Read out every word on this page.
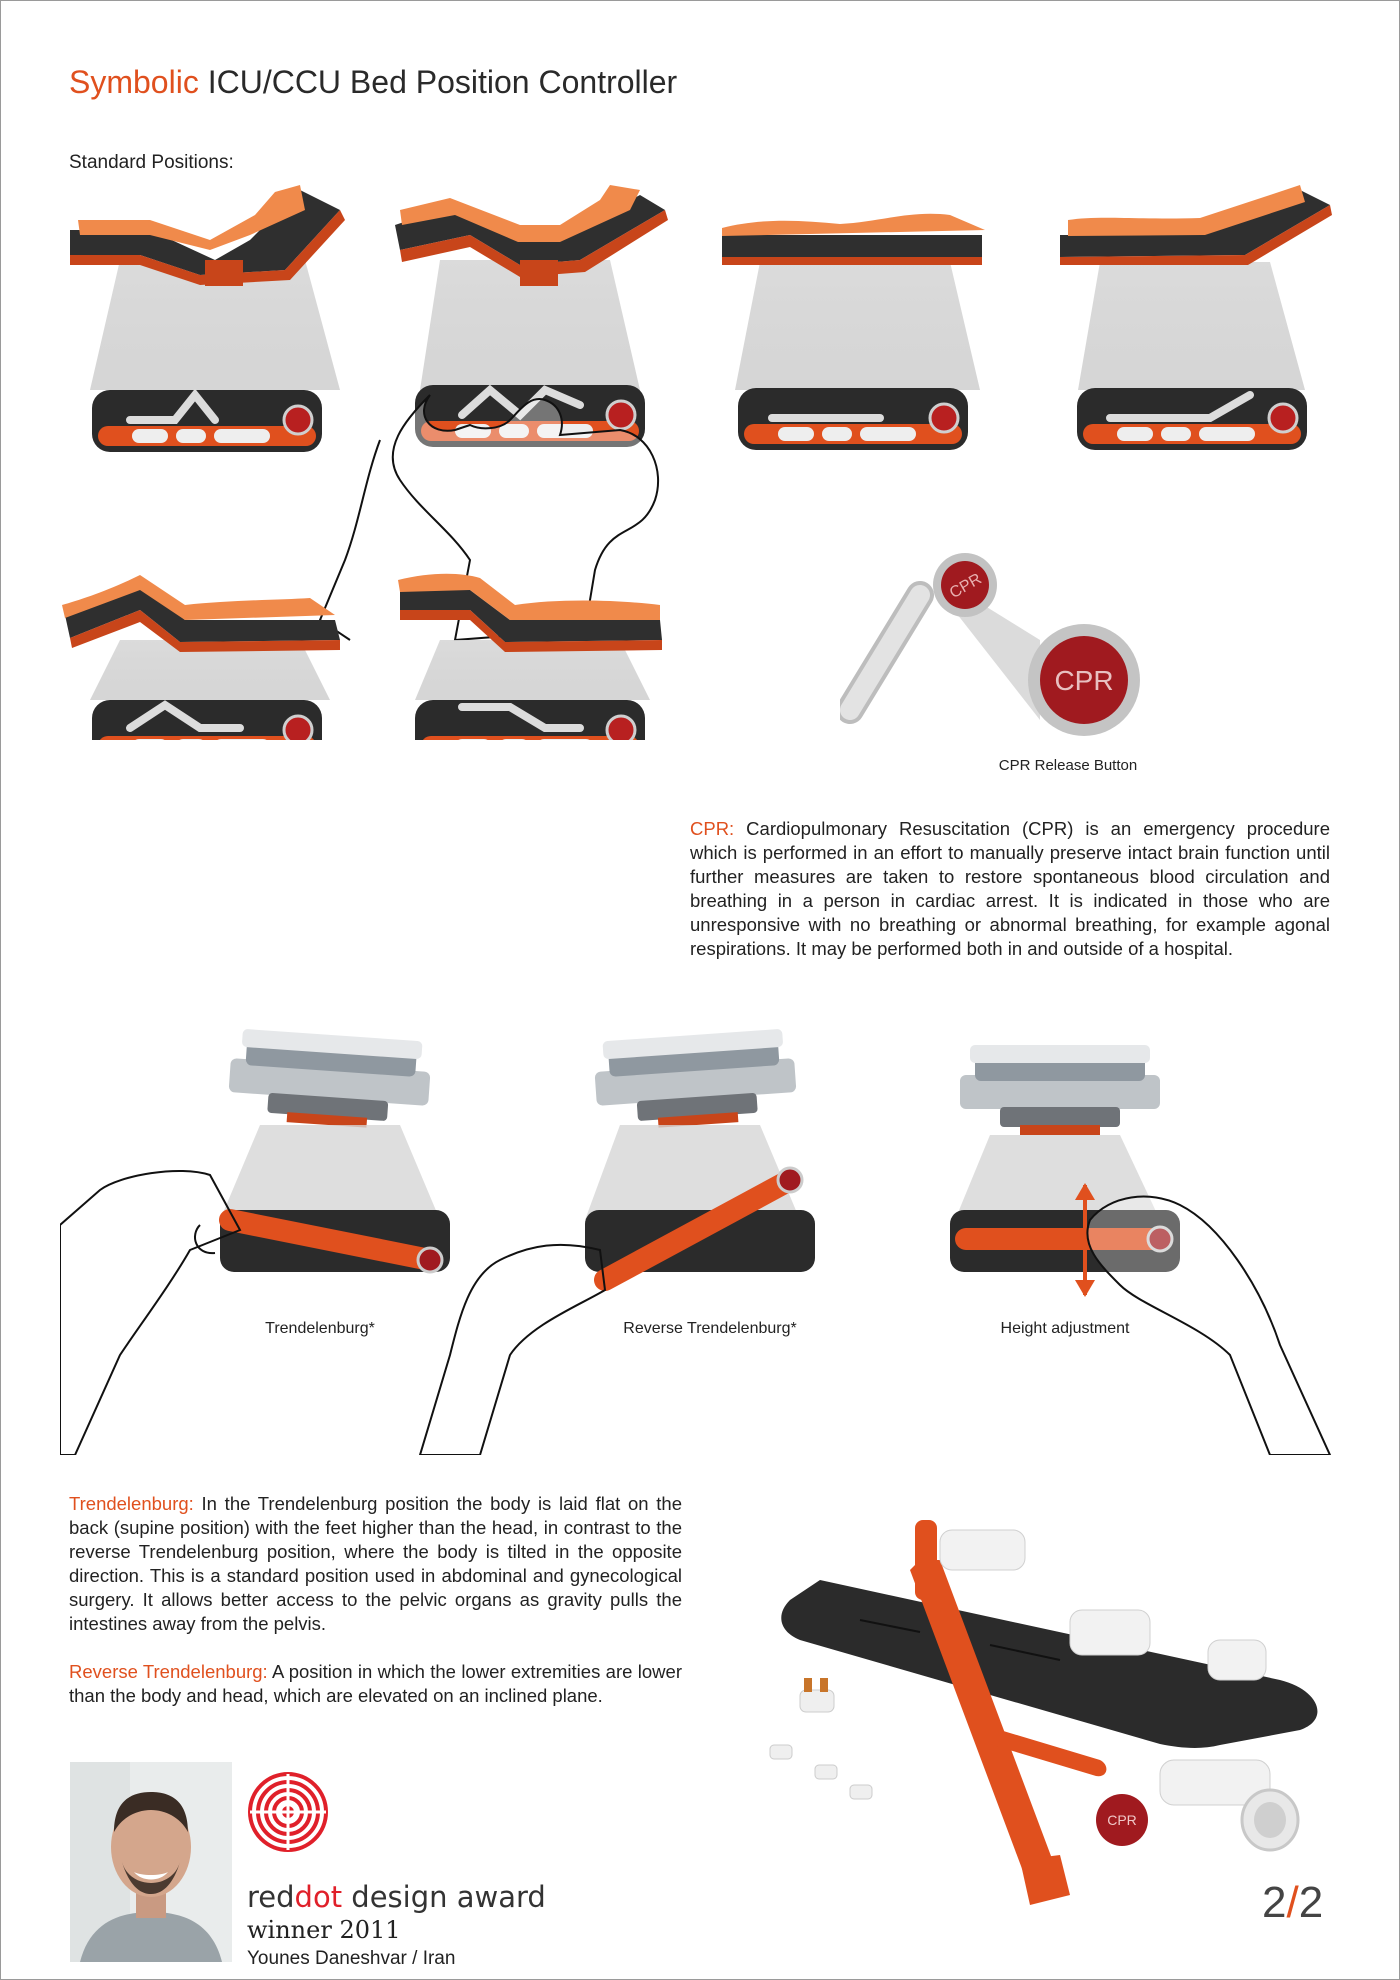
Symbolic ICU/CCU Bed Position Controller
Standard Positions:
CPR
CPR
CPR Release Button
CPR: Cardiopulmonary Resuscitation (CPR) is an emergency procedure which is performed in an effort to manually preserve intact brain function until further measures are taken to restore spontaneous blood circulation and breathing in a person in cardiac arrest. It is indicated in those who are unresponsive with no breathing or abnormal breathing, for example agonal respirations. It may be performed both in and outside of a hospital.
Trendelenburg*	Reverse Trendelenburg*	Height adjustment

Trendelenburg: In the Trendelenburg position the body is laid flat on the back (supine position) with the feet higher than the head, in contrast to the reverse Trendelenburg position, where the body is tilted in the opposite direction. This is a standard position used in abdominal and gynecological surgery. It allows better access to the pelvic organs as gravity pulls the intestines away from the pelvis.

Reverse Trendelenburg: A position in which the lower extremities are lower than the body and head, which are elevated on an inclined plane.

CPR
reddot design award
winner 2011
Younes Daneshvar / Iran
2/2
